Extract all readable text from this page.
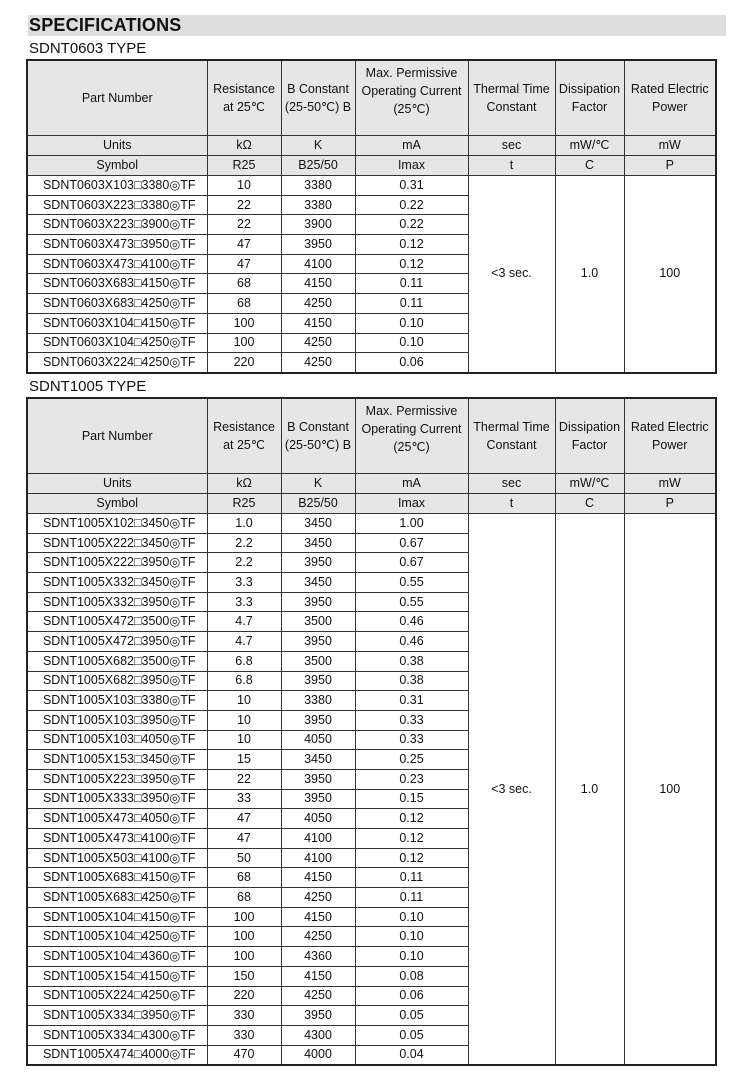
SPECIFICATIONS
SDNT0603 TYPE
Part Number	Resistance at 25℃	B Constant (25-50℃) B	Max. Permissive Operating Current (25℃)	Thermal Time Constant	Dissipation Factor	Rated Electric Power
Units	kΩ	K	mA	sec	mW/℃	mW
Symbol	R25	B25/50	Imax	t	C	P
SDNT0603X103□3380◎TF	10	3380	0.31	<3 sec.	1.0	100
SDNT0603X223□3380◎TF	22	3380	0.22			
SDNT0603X223□3900◎TF	22	3900	0.22			
SDNT0603X473□3950◎TF	47	3950	0.12			
SDNT0603X473□4100◎TF	47	4100	0.12			
SDNT0603X683□4150◎TF	68	4150	0.11			
SDNT0603X683□4250◎TF	68	4250	0.11			
SDNT0603X104□4150◎TF	100	4150	0.10			
SDNT0603X104□4250◎TF	100	4250	0.10			
SDNT0603X224□4250◎TF	220	4250	0.06			
SDNT1005 TYPE
Part Number	Resistance at 25℃	B Constant (25-50℃) B	Max. Permissive Operating Current (25℃)	Thermal Time Constant	Dissipation Factor	Rated Electric Power
Units	kΩ	K	mA	sec	mW/℃	mW
Symbol	R25	B25/50	Imax	t	C	P
SDNT1005X102□3450◎TF	1.0	3450	1.00	<3 sec.	1.0	100
SDNT1005X222□3450◎TF	2.2	3450	0.67			
SDNT1005X222□3950◎TF	2.2	3950	0.67			
SDNT1005X332□3450◎TF	3.3	3450	0.55			
SDNT1005X332□3950◎TF	3.3	3950	0.55			
SDNT1005X472□3500◎TF	4.7	3500	0.46			
SDNT1005X472□3950◎TF	4.7	3950	0.46			
SDNT1005X682□3500◎TF	6.8	3500	0.38			
SDNT1005X682□3950◎TF	6.8	3950	0.38			
SDNT1005X103□3380◎TF	10	3380	0.31			
SDNT1005X103□3950◎TF	10	3950	0.33			
SDNT1005X103□4050◎TF	10	4050	0.33			
SDNT1005X153□3450◎TF	15	3450	0.25			
SDNT1005X223□3950◎TF	22	3950	0.23			
SDNT1005X333□3950◎TF	33	3950	0.15			
SDNT1005X473□4050◎TF	47	4050	0.12			
SDNT1005X473□4100◎TF	47	4100	0.12			
SDNT1005X503□4100◎TF	50	4100	0.12			
SDNT1005X683□4150◎TF	68	4150	0.11			
SDNT1005X683□4250◎TF	68	4250	0.11			
SDNT1005X104□4150◎TF	100	4150	0.10			
SDNT1005X104□4250◎TF	100	4250	0.10			
SDNT1005X104□4360◎TF	100	4360	0.10			
SDNT1005X154□4150◎TF	150	4150	0.08			
SDNT1005X224□4250◎TF	220	4250	0.06			
SDNT1005X334□3950◎TF	330	3950	0.05			
SDNT1005X334□4300◎TF	330	4300	0.05			
SDNT1005X474□4000◎TF	470	4000	0.04			
